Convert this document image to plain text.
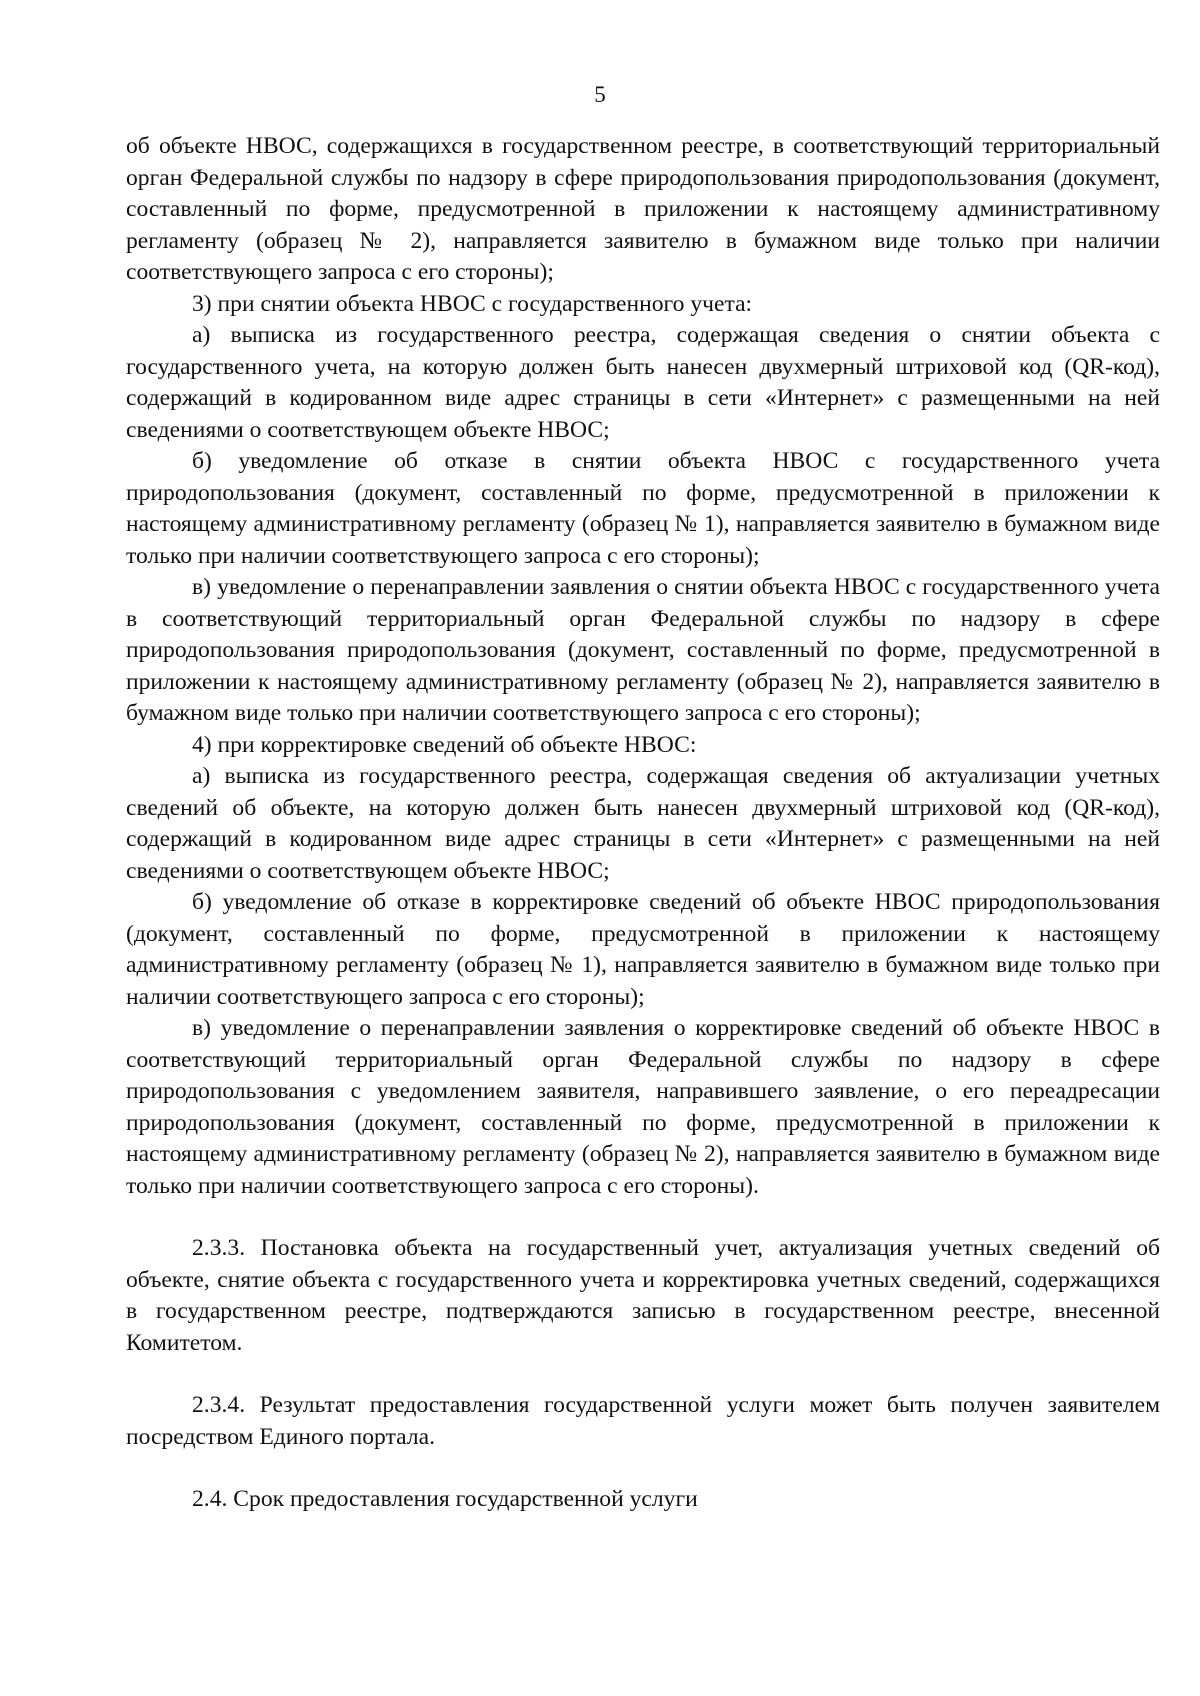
5

об объекте НВОС, содержащихся в государственном реестре, в соответствующий территориальный орган Федеральной службы по надзору в сфере природопользования природопользования (документ, составленный по форме, предусмотренной в приложении к настоящему административному регламенту (образец № 2), направляется заявителю в бумажном виде только при наличии соответствующего запроса с его стороны);

3) при снятии объекта НВОС с государственного учета:

а) выписка из государственного реестра, содержащая сведения о снятии объекта с государственного учета, на которую должен быть нанесен двухмерный штриховой код (QR-код), содержащий в кодированном виде адрес страницы в сети «Интернет» с размещенными на ней сведениями о соответствующем объекте НВОС;

б) уведомление об отказе в снятии объекта НВОС с государственного учета природопользования (документ, составленный по форме, предусмотренной в приложении к настоящему административному регламенту (образец № 1), направляется заявителю в бумажном виде только при наличии соответствующего запроса с его стороны);

в) уведомление о перенаправлении заявления о снятии объекта НВОС с государственного учета в соответствующий территориальный орган Федеральной службы по надзору в сфере природопользования природопользования (документ, составленный по форме, предусмотренной в приложении к настоящему административному регламенту (образец № 2), направляется заявителю в бумажном виде только при наличии соответствующего запроса с его стороны);

4) при корректировке сведений об объекте НВОС:

а) выписка из государственного реестра, содержащая сведения об актуализации учетных сведений об объекте, на которую должен быть нанесен двухмерный штриховой код (QR-код), содержащий в кодированном виде адрес страницы в сети «Интернет» с размещенными на ней сведениями о соответствующем объекте НВОС;

б) уведомление об отказе в корректировке сведений об объекте НВОС природопользования (документ, составленный по форме, предусмотренной в приложении к настоящему административному регламенту (образец № 1), направляется заявителю в бумажном виде только при наличии соответствующего запроса с его стороны);

в) уведомление о перенаправлении заявления о корректировке сведений об объекте НВОС в соответствующий территориальный орган Федеральной службы по надзору в сфере природопользования с уведомлением заявителя, направившего заявление, о его переадресации природопользования (документ, составленный по форме, предусмотренной в приложении к настоящему административному регламенту (образец № 2), направляется заявителю в бумажном виде только при наличии соответствующего запроса с его стороны).

2.3.3. Постановка объекта на государственный учет, актуализация учетных сведений об объекте, снятие объекта с государственного учета и корректировка учетных сведений, содержащихся в государственном реестре, подтверждаются записью в государственном реестре, внесенной Комитетом.

2.3.4. Результат предоставления государственной услуги может быть получен заявителем посредством Единого портала.

2.4. Срок предоставления государственной услуги
